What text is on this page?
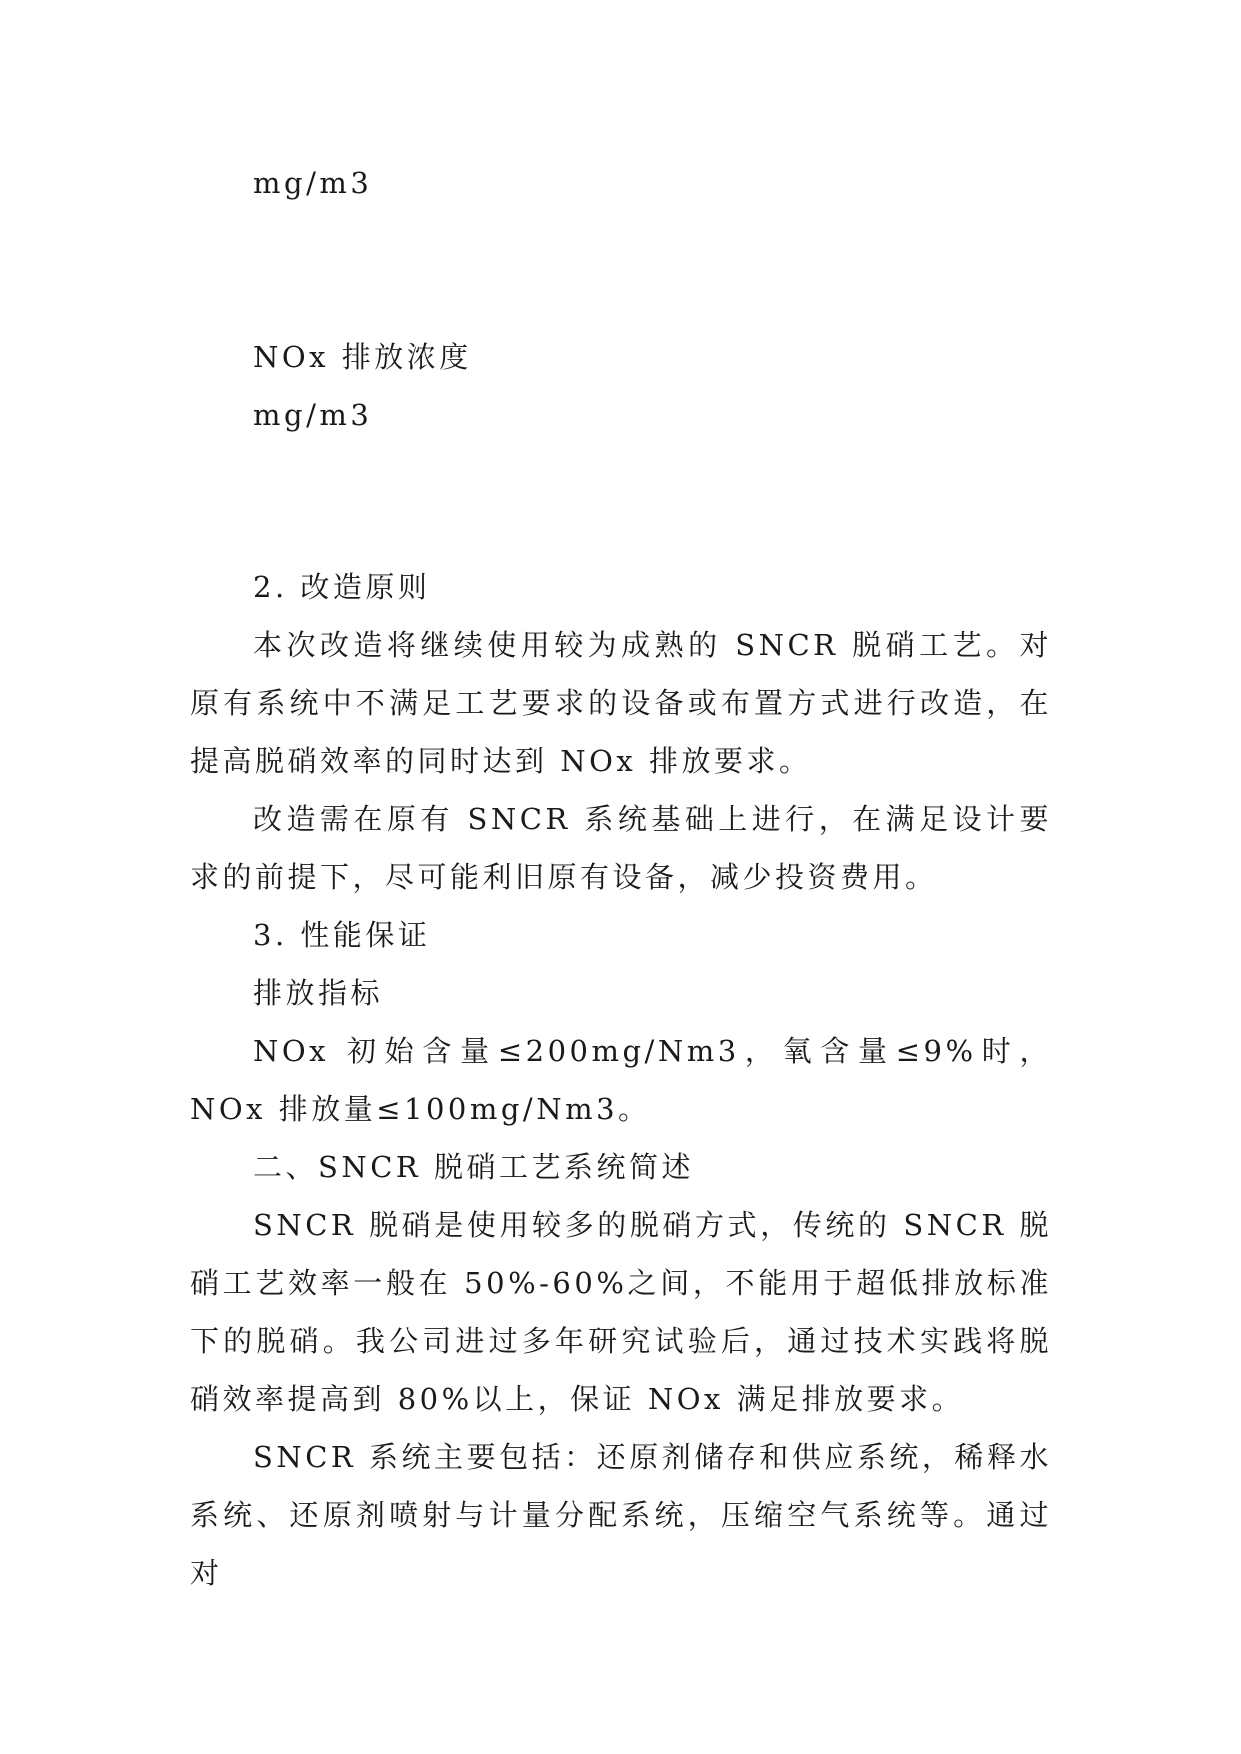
mg/m3
NOx 排放浓度
mg/m3
2. 改造原则
本次改造将继续使用较为成熟的 SNCR 脱硝工艺。对原有系统中不满足工艺要求的设备或布置方式进行改造，在提高脱硝效率的同时达到 NOx 排放要求。
改造需在原有 SNCR 系统基础上进行，在满足设计要求的前提下，尽可能利旧原有设备，减少投资费用。
3. 性能保证
排放指标
NOx 初始含量≤200mg/Nm3，氧含量≤9%时，NOx 排放量≤100mg/Nm3。
二、SNCR 脱硝工艺系统简述
SNCR 脱硝是使用较多的脱硝方式，传统的 SNCR 脱硝工艺效率一般在 50%-60%之间，不能用于超低排放标准下的脱硝。我公司进过多年研究试验后，通过技术实践将脱硝效率提高到 80%以上，保证 NOx 满足排放要求。
SNCR 系统主要包括：还原剂储存和供应系统，稀释水系统、还原剂喷射与计量分配系统，压缩空气系统等。通过对
